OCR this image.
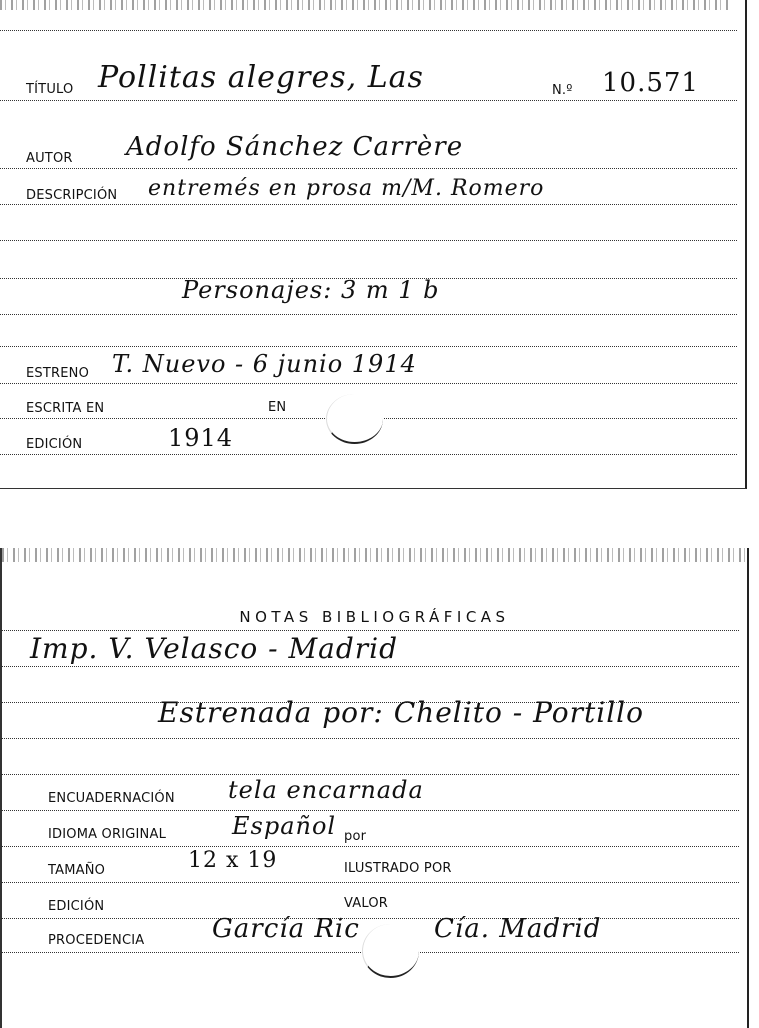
TÍTULO Pollitas alegres, Las	N.º 10.571
AUTOR Adolfo Sánchez Carrère
DESCRIPCIÓN entremés en prosa m/M. Romero
Personajes: 3 m 1 b
ESTRENO T. Nuevo - 6 junio 1914
ESCRITA EN	EN
EDICIÓN	1914
NOTAS BIBLIOGRÁFICAS
Imp. V. Velasco - Madrid
Estrenada por: Chelito - Portillo
ENCUADERNACIÓN tela encarnada
IDIOMA ORIGINAL	Español por
TAMAÑO	12 x 19	ILUSTRADO POR
EDICIÓN	VALOR
PROCEDENCIA	García Ric	Cía. Madrid
